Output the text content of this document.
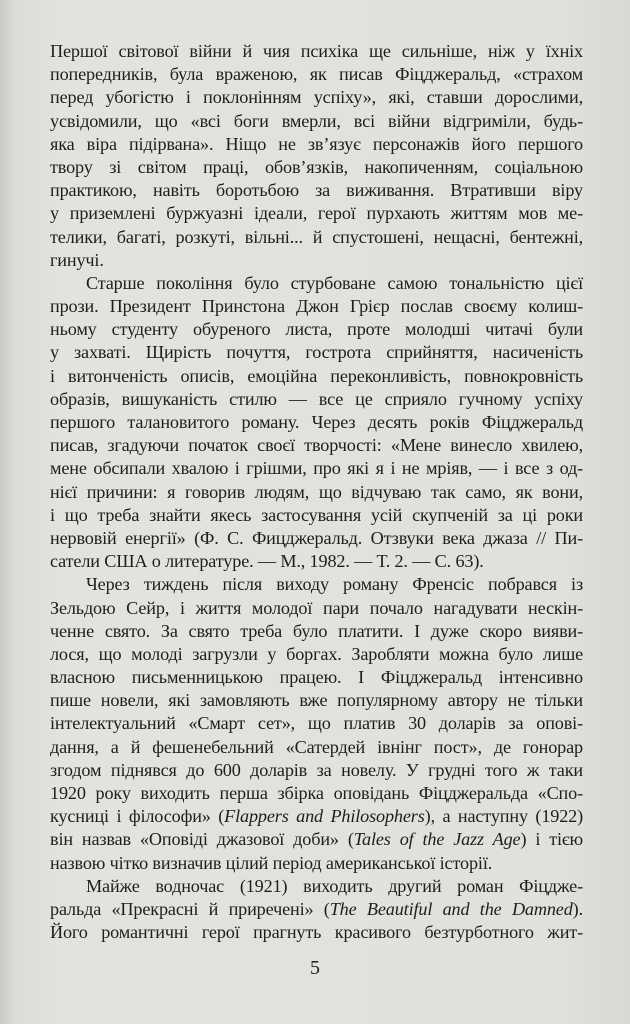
Першої світової війни й чия психіка ще сильніше, ніж у їхніх
попередників, була враженою, як писав Фіцджеральд, «страхом
перед убогістю і поклонінням успіху», які, ставши дорослими,
усвідомили, що «всі боги вмерли, всі війни відгриміли, будь-
яка віра підірвана». Ніщо не зв’язує персонажів його першого
твору зі світом праці, обов’язків, накопиченням, соціальною
практикою, навіть боротьбою за виживання. Втративши віру
у приземлені буржуазні ідеали, герої пурхають життям мов ме-
телики, багаті, розкуті, вільні... й спустошені, нещасні, бентежні,
гинучі.
Старше покоління було стурбоване самою тональністю цієї
прози. Президент Принстона Джон Грієр послав своєму колиш-
ньому студенту обуреного листа, проте молодші читачі були
у захваті. Щирість почуття, гострота сприйняття, насиченість
і витонченість описів, емоційна переконливість, повнокровність
образів, вишуканість стилю — все це сприяло гучному успіху
першого талановитого роману. Через десять років Фіцджеральд
писав, згадуючи початок своєї творчості: «Мене винесло хвилею,
мене обсипали хвалою і грішми, про які я і не мріяв, — і все з од-
нієї причини: я говорив людям, що відчуваю так само, як вони,
і що треба знайти якесь застосування усій скупченій за ці роки
нервовій енергії» (Ф. С. Фицджеральд. Отзвуки века джаза // Пи-
сатели США о литературе. — М., 1982. — Т. 2. — С. 63).
Через тиждень після виходу роману Френсіс побрався із
Зельдою Сейр, і життя молодої пари почало нагадувати нескін-
ченне свято. За свято треба було платити. І дуже скоро вияви-
лося, що молоді загрузли у боргах. Заробляти можна було лише
власною письменницькою працею. І Фіцджеральд інтенсивно
пише новели, які замовляють вже популярному автору не тільки
інтелектуальний «Смарт сет», що платив 30 доларів за опові-
дання, а й фешенебельний «Сатердей івнінг пост», де гонорар
згодом піднявся до 600 доларів за новелу. У грудні того ж таки
1920 року виходить перша збірка оповідань Фіцджеральда «Спо-
кусниці і філософи» (Flappers and Philosophers), а наступну (1922)
він назвав «Оповіді джазової доби» (Tales of the Jazz Age) і тією
назвою чітко визначив цілий період американської історії.
Майже водночас (1921) виходить другий роман Фіцдже-
ральда «Прекрасні й приречені» (The Beautiful and the Damned).
Його романтичні герої прагнуть красивого безтурботного жит-
5
